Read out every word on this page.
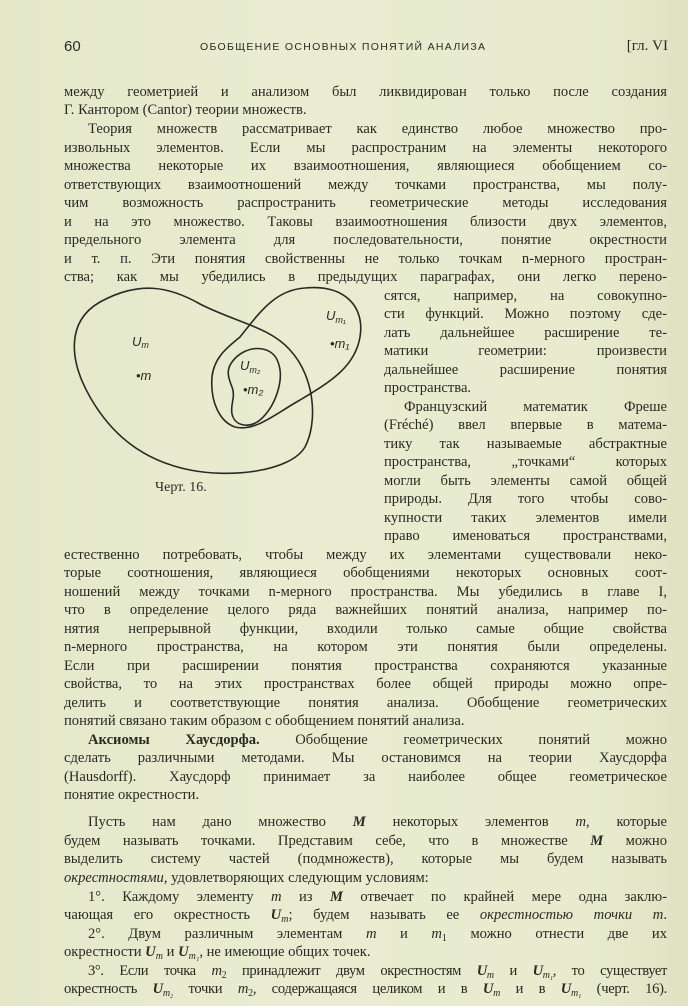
60	ОБОБЩЕНИЕ ОСНОВНЫХ ПОНЯТИЙ АНАЛИЗА	[гл. VI
между геометрией и анализом был ликвидирован только после создания
Г. Кантором (Cantor) теории множеств.
Теория множеств рассматривает как единство любое множество про-
извольных элементов. Если мы распространим на элементы некоторого
множества некоторые их взаимоотношения, являющиеся обобщением со-
ответствующих взаимоотношений между точками пространства, мы полу-
чим возможность распространить геометрические методы исследования
и на это множество. Таковы взаимоотношения близости двух элементов,
предельного элемента для последовательности, понятие окрестности
и т. п. Эти понятия свойственны не только точкам n-мерного простран-
ства; как мы убедились в предыдущих параграфах, они легко перено-
сятся, например, на совокупно-
сти функций. Можно поэтому сде-
лать дальнейшее расширение те-
матики геометрии: произвести
дальнейшее расширение понятия
пространства.
Французский математик Фреше
(Fréché) ввел впервые в матема-
тику так называемые абстрактные
пространства, „точками“ которых
могли быть элементы самой общей
природы. Для того чтобы сово-
купности таких элементов имели
право именоваться пространствами,
Um
•m
$U_{m_1}$
•m₁
$U_{m_2}$
•m₂
Черт. 16.
естественно потребовать, чтобы между их элементами существовали неко-
торые соотношения, являющиеся обобщениями некоторых основных соот-
ношений между точками n-мерного пространства. Мы убедились в главе I,
что в определение целого ряда важнейших понятий анализа, например по-
нятия непрерывной функции, входили только самые общие свойства
n-мерного пространства, на котором эти понятия были определены.
Если при расширении понятия пространства сохраняются указанные
свойства, то на этих пространствах более общей природы можно опре-
делить и соответствующие понятия анализа. Обобщение геометрических
понятий связано таким образом с обобщением понятий анализа.
Аксиомы Хаусдорфа. Обобщение геометрических понятий можно
сделать различными методами. Мы остановимся на теории Хаусдорфа
(Hausdorff). Хаусдорф принимает за наиболее общее геометрическое
понятие окрестности.
Пусть нам дано множество M некоторых элементов m, которые
будем называть точками. Представим себе, что в множестве M можно
выделить систему частей (подмножеств), которые мы будем называть
окрестностями, удовлетворяющих следующим условиям:
1°. Каждому элементу m из M отвечает по крайней мере одна заклю-
чающая его окрестность $U_m$; будем называть ее окрестностью точки m.
2°. Двум различным элементам m и $m_1$ можно отнести две их
окрестности $U_m$ и $U_{m_1}$, не имеющие общих точек.
3°. Если точка $m_2$ принадлежит двум окрестностям $U_m$ и $U_{m_1}$, то существует
окрестность $U_{m_2}$ точки $m_2$, содержащаяся целиком и в $U_m$ и в $U_{m_1}$ (черт. 16).
